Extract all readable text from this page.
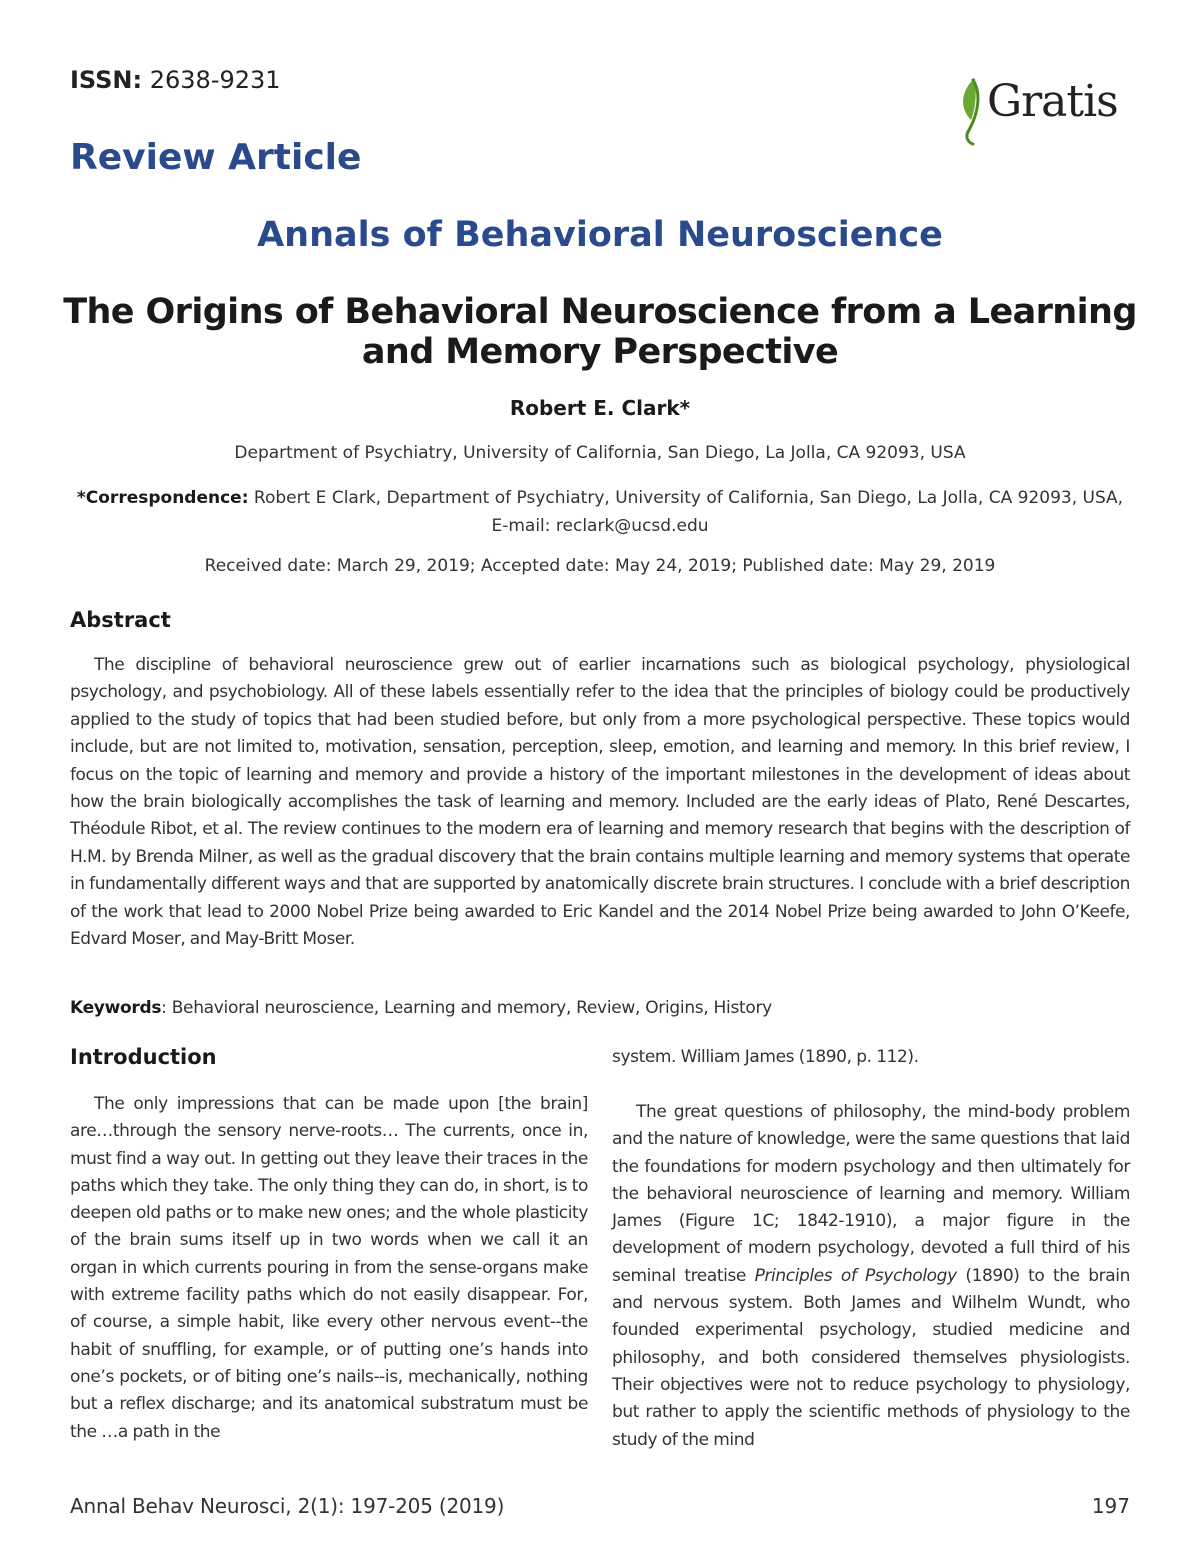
ISSN: 2638-9231	Gratis
Review Article
Annals of Behavioral Neuroscience
The Origins of Behavioral Neuroscience from a Learning and Memory Perspective
Robert E. Clark*
Department of Psychiatry, University of California, San Diego, La Jolla, CA 92093, USA
*Correspondence: Robert E Clark, Department of Psychiatry, University of California, San Diego, La Jolla, CA 92093, USA, E-mail: reclark@ucsd.edu
Received date: March 29, 2019; Accepted date: May 24, 2019; Published date: May 29, 2019
Abstract
The discipline of behavioral neuroscience grew out of earlier incarnations such as biological psychology, physiological psychology, and psychobiology. All of these labels essentially refer to the idea that the principles of biology could be productively applied to the study of topics that had been studied before, but only from a more psychological perspective. These topics would include, but are not limited to, motivation, sensation, perception, sleep, emotion, and learning and memory. In this brief review, I focus on the topic of learning and memory and provide a history of the important milestones in the development of ideas about how the brain biologically accomplishes the task of learning and memory. Included are the early ideas of Plato, René Descartes, Théodule Ribot, et al. The review continues to the modern era of learning and memory research that begins with the description of H.M. by Brenda Milner, as well as the gradual discovery that the brain contains multiple learning and memory systems that operate in fundamentally different ways and that are supported by anatomically discrete brain structures. I conclude with a brief description of the work that lead to 2000 Nobel Prize being awarded to Eric Kandel and the 2014 Nobel Prize being awarded to John O’Keefe, Edvard Moser, and May-Britt Moser.
Keywords: Behavioral neuroscience, Learning and memory, Review, Origins, History
Introduction
The only impressions that can be made upon [the brain] are…through the sensory nerve-roots… The currents, once in, must find a way out. In getting out they leave their traces in the paths which they take. The only thing they can do, in short, is to deepen old paths or to make new ones; and the whole plasticity of the brain sums itself up in two words when we call it an organ in which currents pouring in from the sense-organs make with extreme facility paths which do not easily disappear. For, of course, a simple habit, like every other nervous event--the habit of snuffling, for example, or of putting one’s hands into one’s pockets, or of biting one’s nails--is, mechanically, nothing but a reflex discharge; and its anatomical substratum must be the …a path in the
system. William James (1890, p. 112).
The great questions of philosophy, the mind-body problem and the nature of knowledge, were the same questions that laid the foundations for modern psychology and then ultimately for the behavioral neuroscience of learning and memory. William James (Figure 1C; 1842-1910), a major figure in the development of modern psychology, devoted a full third of his seminal treatise Principles of Psychology (1890) to the brain and nervous system. Both James and Wilhelm Wundt, who founded experimental psychology, studied medicine and philosophy, and both considered themselves physiologists. Their objectives were not to reduce psychology to physiology, but rather to apply the scientific methods of physiology to the study of the mind
Annal Behav Neurosci, 2(1): 197-205 (2019)	197
